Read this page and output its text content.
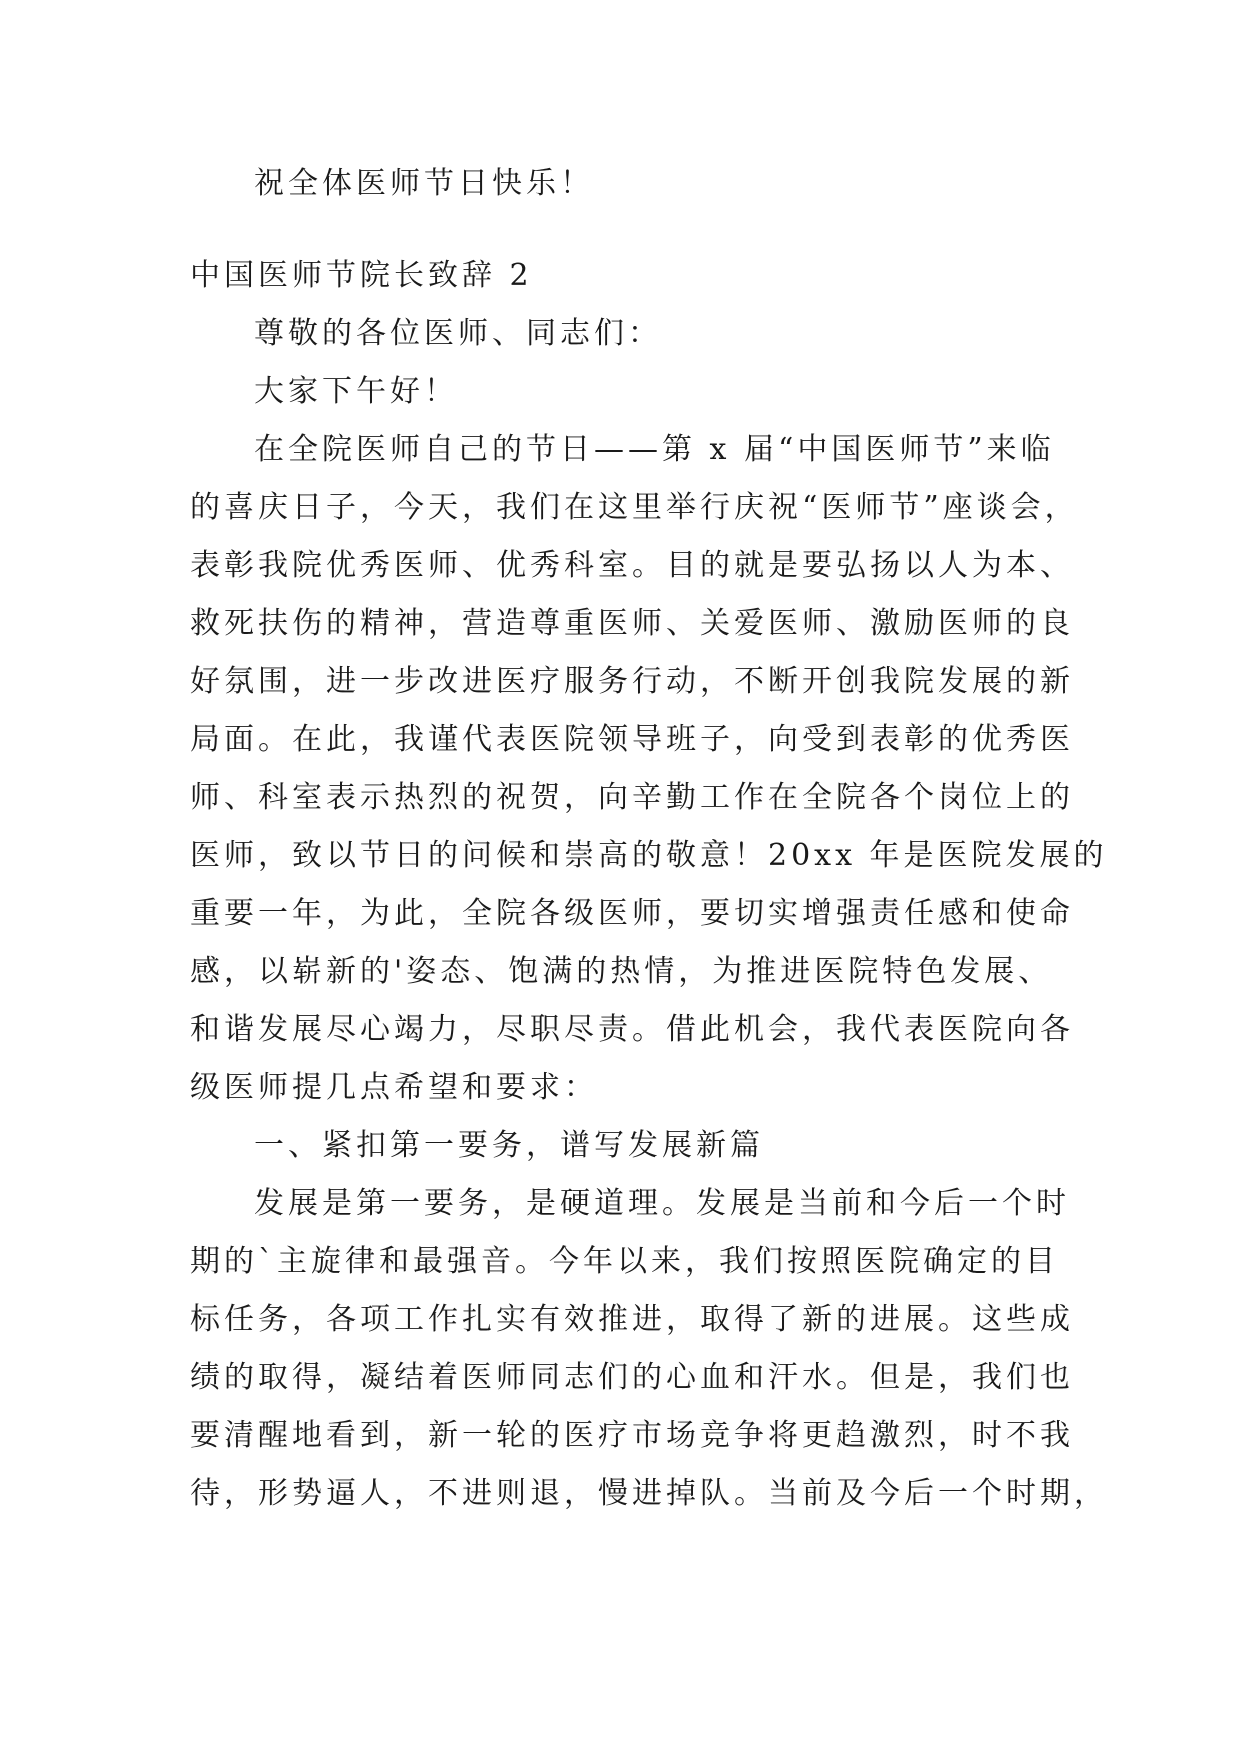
祝全体医师节日快乐！
中国医师节院长致辞 2
尊敬的各位医师、同志们：
大家下午好！
在全院医师自己的节日——第 x 届“中国医师节”来临
的喜庆日子，今天，我们在这里举行庆祝“医师节”座谈会，
表彰我院优秀医师、优秀科室。目的就是要弘扬以人为本、
救死扶伤的精神，营造尊重医师、关爱医师、激励医师的良
好氛围，进一步改进医疗服务行动，不断开创我院发展的新
局面。在此，我谨代表医院领导班子，向受到表彰的优秀医
师、科室表示热烈的祝贺，向辛勤工作在全院各个岗位上的
医师，致以节日的问候和崇高的敬意！20xx 年是医院发展的
重要一年，为此，全院各级医师，要切实增强责任感和使命
感，以崭新的'姿态、饱满的热情，为推进医院特色发展、
和谐发展尽心竭力，尽职尽责。借此机会，我代表医院向各
级医师提几点希望和要求：
一、紧扣第一要务，谱写发展新篇
发展是第一要务，是硬道理。发展是当前和今后一个时
期的`主旋律和最强音。今年以来，我们按照医院确定的目
标任务，各项工作扎实有效推进，取得了新的进展。这些成
绩的取得，凝结着医师同志们的心血和汗水。但是，我们也
要清醒地看到，新一轮的医疗市场竞争将更趋激烈，时不我
待，形势逼人，不进则退，慢进掉队。当前及今后一个时期，
